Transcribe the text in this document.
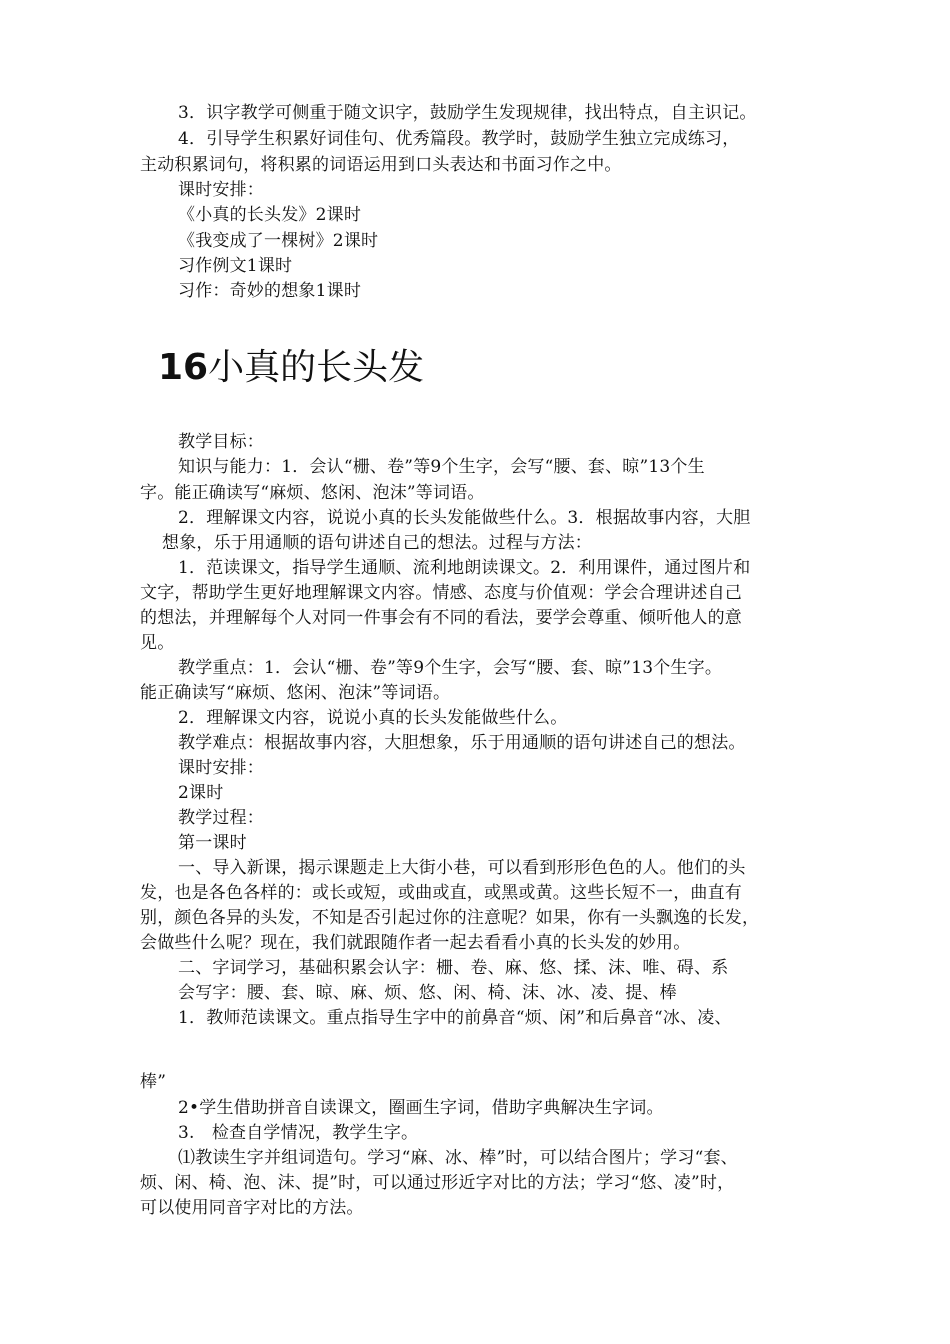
3．识字教学可侧重于随文识字，鼓励学生发现规律，找出特点，自主识记。
4．引导学生积累好词佳句、优秀篇段。教学时，鼓励学生独立完成练习，
主动积累词句，将积累的词语运用到口头表达和书面习作之中。
课时安排：
《小真的长头发》2课时
《我变成了一棵树》2课时
习作例文1课时
习作：奇妙的想象1课时
16小真的长头发
教学目标：
知识与能力：1．会认“栅、卷”等9个生字，会写“腰、套、晾”13个生
字。能正确读写“麻烦、悠闲、泡沫”等词语。
2．理解课文内容，说说小真的长头发能做些什么。3．根据故事内容，大胆
想象，乐于用通顺的语句讲述自己的想法。过程与方法：
1．范读课文，指导学生通顺、流利地朗读课文。2．利用课件，通过图片和
文字，帮助学生更好地理解课文内容。情感、态度与价值观：学会合理讲述自己
的想法，并理解每个人对同一件事会有不同的看法，要学会尊重、倾听他人的意
见。
教学重点：1．会认“栅、卷”等9个生字，会写“腰、套、晾”13个生字。
能正确读写“麻烦、悠闲、泡沫”等词语。
2．理解课文内容，说说小真的长头发能做些什么。
教学难点：根据故事内容，大胆想象，乐于用通顺的语句讲述自己的想法。
课时安排：
2课时
教学过程：
第一课时
一、导入新课，揭示课题走上大街小巷，可以看到形形色色的人。他们的头
发，也是各色各样的：或长或短，或曲或直，或黑或黄。这些长短不一，曲直有
别，颜色各异的头发，不知是否引起过你的注意呢？如果，你有一头飘逸的长发，
会做些什么呢？现在，我们就跟随作者一起去看看小真的长头发的妙用。
二、字词学习，基础积累会认字：栅、卷、麻、悠、揉、沫、唯、碍、系
会写字：腰、套、晾、麻、烦、悠、闲、椅、沫、冰、凌、提、棒
1．教师范读课文。重点指导生字中的前鼻音“烦、闲”和后鼻音“冰、凌、
棒”
2•学生借助拼音自读课文，圈画生字词，借助字典解决生字词。
3.　检查自学情况，教学生字。
⑴教读生字并组词造句。学习“麻、冰、棒”时，可以结合图片；学习“套、
烦、闲、椅、泡、沫、提”时，可以通过形近字对比的方法；学习“悠、凌”时，
可以使用同音字对比的方法。
